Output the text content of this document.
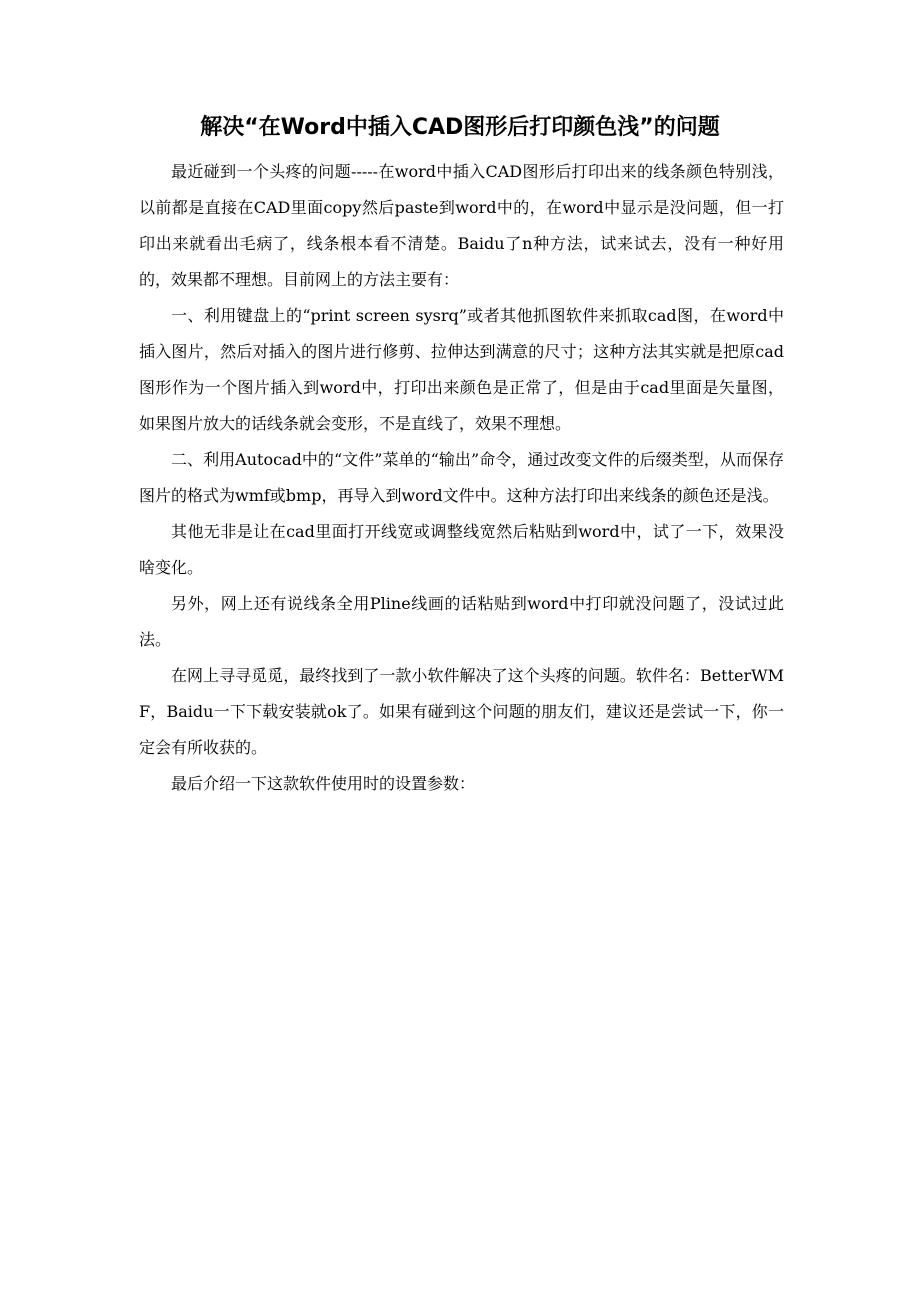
解决“在Word中插入CAD图形后打印颜色浅”的问题

最近碰到一个头疼的问题-----在word中插入CAD图形后打印出来的线条颜色特别浅，以前都是直接在CAD里面copy然后paste到word中的，在word中显示是没问题，但一打印出来就看出毛病了，线条根本看不清楚。Baidu了n种方法，试来试去，没有一种好用的，效果都不理想。目前网上的方法主要有：

一、利用键盘上的“print screen sysrq”或者其他抓图软件来抓取cad图，在word中插入图片，然后对插入的图片进行修剪、拉伸达到满意的尺寸；这种方法其实就是把原cad图形作为一个图片插入到word中，打印出来颜色是正常了，但是由于cad里面是矢量图，如果图片放大的话线条就会变形，不是直线了，效果不理想。

二、利用Autocad中的“文件”菜单的“输出”命令，通过改变文件的后缀类型，从而保存图片的格式为wmf或bmp，再导入到word文件中。这种方法打印出来线条的颜色还是浅。

其他无非是让在cad里面打开线宽或调整线宽然后粘贴到word中，试了一下，效果没啥变化。

另外，网上还有说线条全用Pline线画的话粘贴到word中打印就没问题了，没试过此法。

在网上寻寻觅觅，最终找到了一款小软件解决了这个头疼的问题。软件名：BetterWMF，Baidu一下下载安装就ok了。如果有碰到这个问题的朋友们，建议还是尝试一下，你一定会有所收获的。

最后介绍一下这款软件使用时的设置参数：
